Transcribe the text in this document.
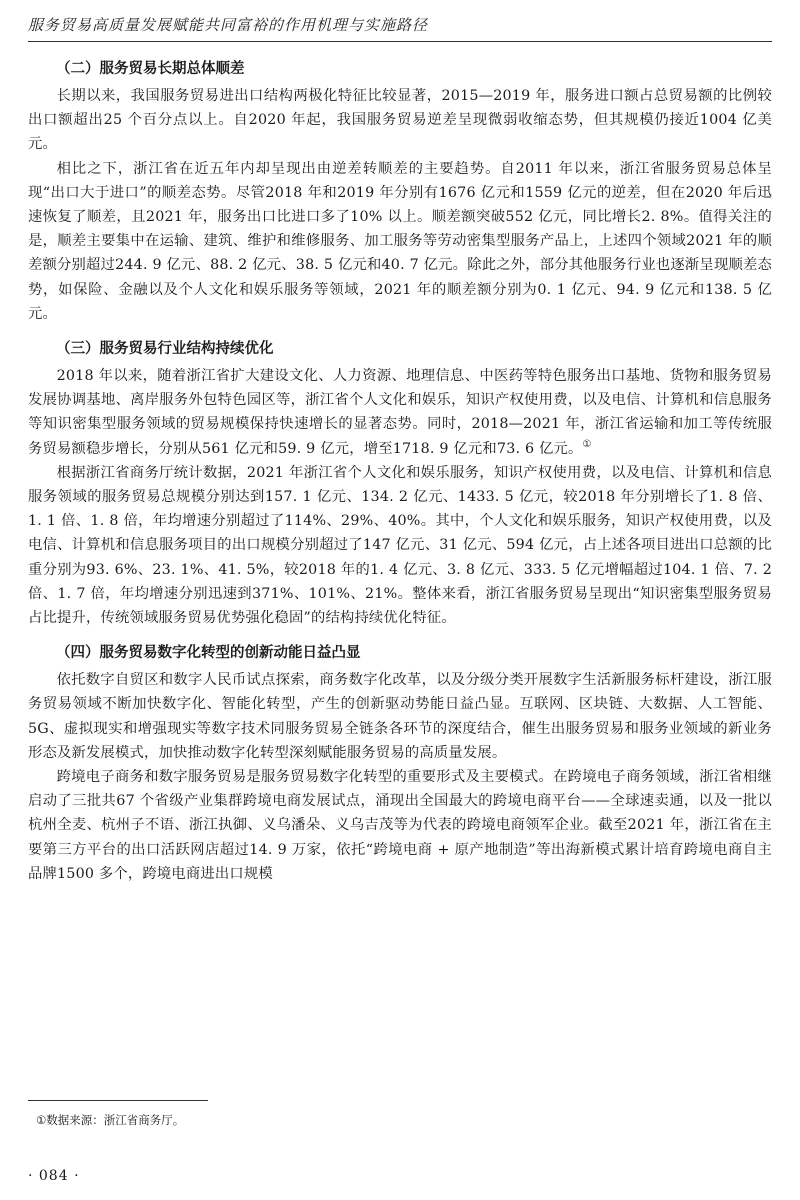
服务贸易高质量发展赋能共同富裕的作用机理与实施路径
（二）服务贸易长期总体顺差

长期以来，我国服务贸易进出口结构两极化特征比较显著，2015—2019 年，服务进口额占总贸易额的比例较出口额超出25 个百分点以上。自2020 年起，我国服务贸易逆差呈现微弱收缩态势，但其规模仍接近1004 亿美元。

相比之下，浙江省在近五年内却呈现出由逆差转顺差的主要趋势。自2011 年以来，浙江省服务贸易总体呈现“出口大于进口”的顺差态势。尽管2018 年和2019 年分别有1676 亿元和1559 亿元的逆差，但在2020 年后迅速恢复了顺差，且2021 年，服务出口比进口多了10% 以上。顺差额突破552 亿元，同比增长2. 8%。值得关注的是，顺差主要集中在运输、建筑、维护和维修服务、加工服务等劳动密集型服务产品上，上述四个领域2021 年的顺差额分别超过244. 9 亿元、88. 2 亿元、38. 5 亿元和40. 7 亿元。除此之外，部分其他服务行业也逐渐呈现顺差态势，如保险、金融以及个人文化和娱乐服务等领域，2021 年的顺差额分别为0. 1 亿元、94. 9 亿元和138. 5 亿元。

（三）服务贸易行业结构持续优化

2018 年以来，随着浙江省扩大建设文化、人力资源、地理信息、中医药等特色服务出口基地、货物和服务贸易发展协调基地、离岸服务外包特色园区等，浙江省个人文化和娱乐，知识产权使用费，以及电信、计算机和信息服务等知识密集型服务领域的贸易规模保持快速增长的显著态势。同时，2018—2021 年，浙江省运输和加工等传统服务贸易额稳步增长，分别从561 亿元和59. 9 亿元，增至1718. 9 亿元和73. 6 亿元。①

根据浙江省商务厅统计数据，2021 年浙江省个人文化和娱乐服务，知识产权使用费，以及电信、计算机和信息服务领域的服务贸易总规模分别达到157. 1 亿元、134. 2 亿元、1433. 5 亿元，较2018 年分别增长了1. 8 倍、1. 1 倍、1. 8 倍，年均增速分别超过了114%、29%、40%。其中，个人文化和娱乐服务，知识产权使用费，以及电信、计算机和信息服务项目的出口规模分别超过了147 亿元、31 亿元、594 亿元，占上述各项目进出口总额的比重分别为93. 6%、23. 1%、41. 5%，较2018 年的1. 4 亿元、3. 8 亿元、333. 5 亿元增幅超过104. 1 倍、7. 2 倍、1. 7 倍，年均增速分别迅速到371%、101%、21%。整体来看，浙江省服务贸易呈现出“知识密集型服务贸易占比提升，传统领域服务贸易优势强化稳固”的结构持续优化特征。

（四）服务贸易数字化转型的创新动能日益凸显

依托数字自贸区和数字人民币试点探索，商务数字化改革，以及分级分类开展数字生活新服务标杆建设，浙江服务贸易领域不断加快数字化、智能化转型，产生的创新驱动势能日益凸显。互联网、区块链、大数据、人工智能、5G、虚拟现实和增强现实等数字技术同服务贸易全链条各环节的深度结合，催生出服务贸易和服务业领域的新业务形态及新发展模式，加快推动数字化转型深刻赋能服务贸易的高质量发展。

跨境电子商务和数字服务贸易是服务贸易数字化转型的重要形式及主要模式。在跨境电子商务领域，浙江省相继启动了三批共67 个省级产业集群跨境电商发展试点，涌现出全国最大的跨境电商平台——全球速卖通，以及一批以杭州全麦、杭州子不语、浙江执御、义乌潘朵、义乌吉茂等为代表的跨境电商领军企业。截至2021 年，浙江省在主要第三方平台的出口活跃网店超过14. 9 万家，依托“跨境电商 + 原产地制造”等出海新模式累计培育跨境电商自主品牌1500 多个，跨境电商进出口规模

①数据来源：浙江省商务厅。
· 084 ·
